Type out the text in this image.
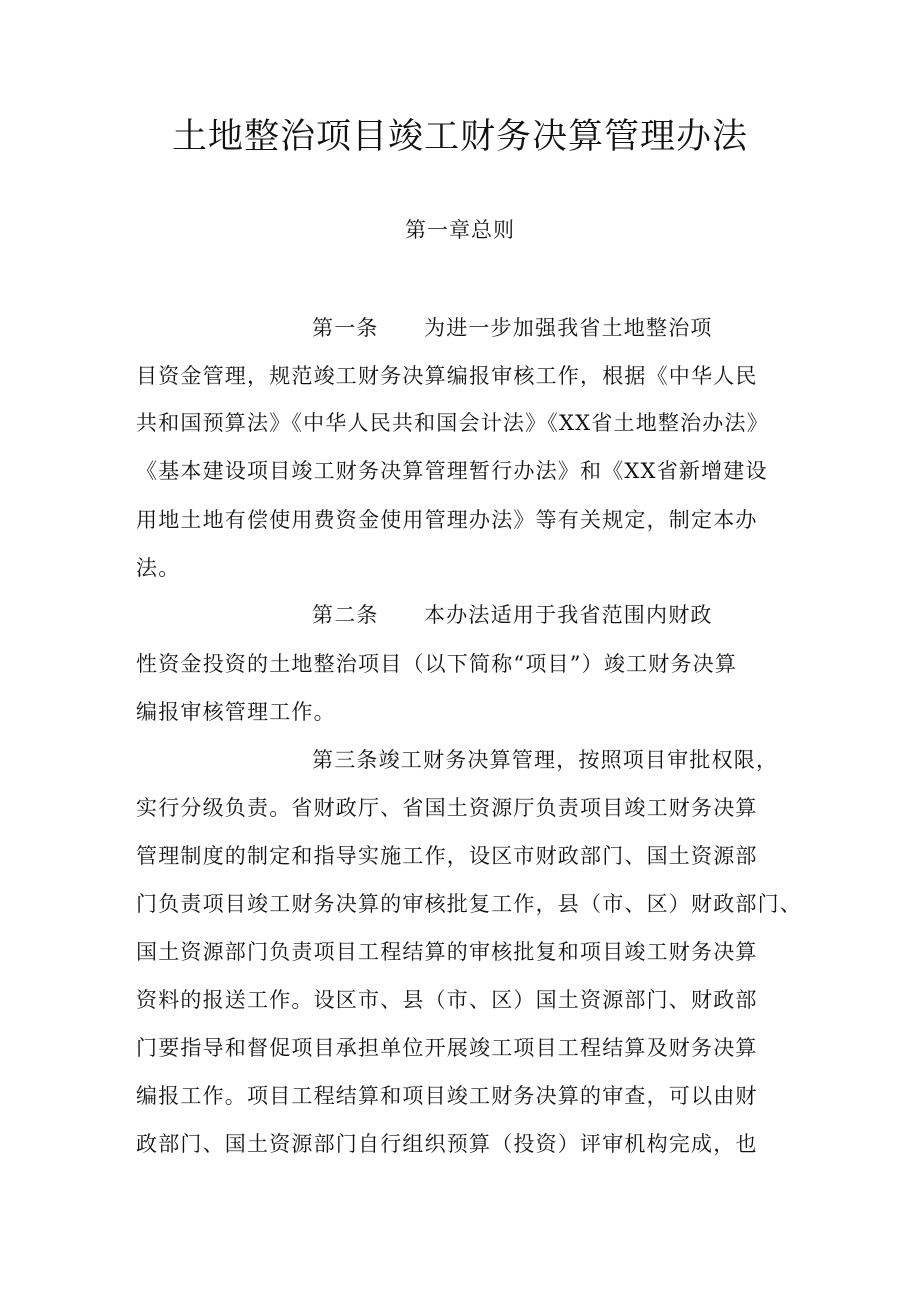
土地整治项目竣工财务决算管理办法
第一章总则
第一条 为进一步加强我省土地整治项
目资金管理，规范竣工财务决算编报审核工作，根据《中华人民
共和国预算法》《中华人民共和国会计法》《XX省土地整治办法》
《基本建设项目竣工财务决算管理暂行办法》和《XX省新增建设
用地土地有偿使用费资金使用管理办法》等有关规定，制定本办
法。
第二条 本办法适用于我省范围内财政
性资金投资的土地整治项目（以下简称“项目”）竣工财务决算
编报审核管理工作。
第三条竣工财务决算管理，按照项目审批权限，
实行分级负责。省财政厅、省国土资源厅负责项目竣工财务决算
管理制度的制定和指导实施工作，设区市财政部门、国土资源部
门负责项目竣工财务决算的审核批复工作，县（市、区）财政部门、
国土资源部门负责项目工程结算的审核批复和项目竣工财务决算
资料的报送工作。设区市、县（市、区）国土资源部门、财政部
门要指导和督促项目承担单位开展竣工项目工程结算及财务决算
编报工作。项目工程结算和项目竣工财务决算的审查，可以由财
政部门、国土资源部门自行组织预算（投资）评审机构完成，也
